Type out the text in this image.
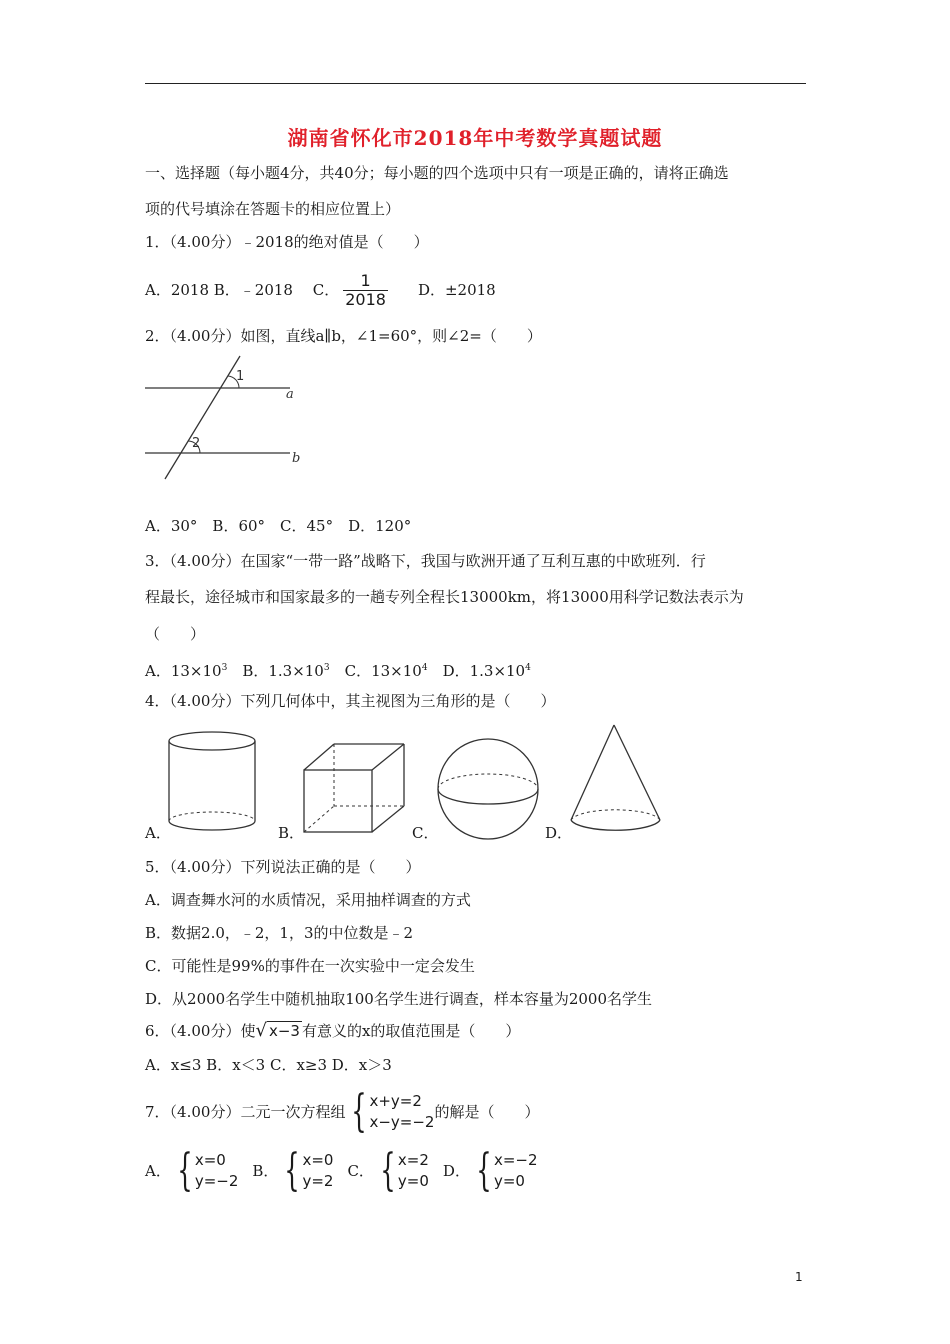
湖南省怀化市2018年中考数学真题试题
一、选择题（每小题4分，共40分；每小题的四个选项中只有一项是正确的，请将正确选
项的代号填涂在答题卡的相应位置上）
1．（4.00分）﹣2018的绝对值是（　　）
A．2018 B．﹣2018　 C． $\frac{1}{2018}$ D．±2018
2．（4.00分）如图，直线a∥b，∠1=60°，则∠2=（　　）
1
2
a
b
A．30°　B．60°　C．45°　D．120°
3．（4.00分）在国家“一带一路”战略下，我国与欧洲开通了互利互惠的中欧班列．行
程最长，途径城市和国家最多的一趟专列全程长13000km，将13000用科学记数法表示为
（　　）
A．$13\times 10^3$　B．$1.3\times 10^3$　C．$13\times 10^4$　D．$1.3\times 10^4$
4．（4.00分）下列几何体中，其主视图为三角形的是（　　）
A．	B．	C．	D．
5．（4.00分）下列说法正确的是（　　）
A．调查舞水河的水质情况，采用抽样调查的方式
B．数据2.0，﹣2，1，3的中位数是﹣2
C．可能性是99%的事件在一次实验中一定会发生
D．从2000名学生中随机抽取100名学生进行调查，样本容量为2000名学生
6．（4.00分）使 √ x−3 有意义的x的取值范围是（　　）
A．x≤3 B．x＜3 C．x≥3 D．x＞3
7．（4.00分）二元一次方程组 { x+y=2
x−y=−2
的解是（　　）
A． { x=0
y=−2
B． { x=0
y=2
C． { x=2
y=0
D． { x=−2
y=0
1
